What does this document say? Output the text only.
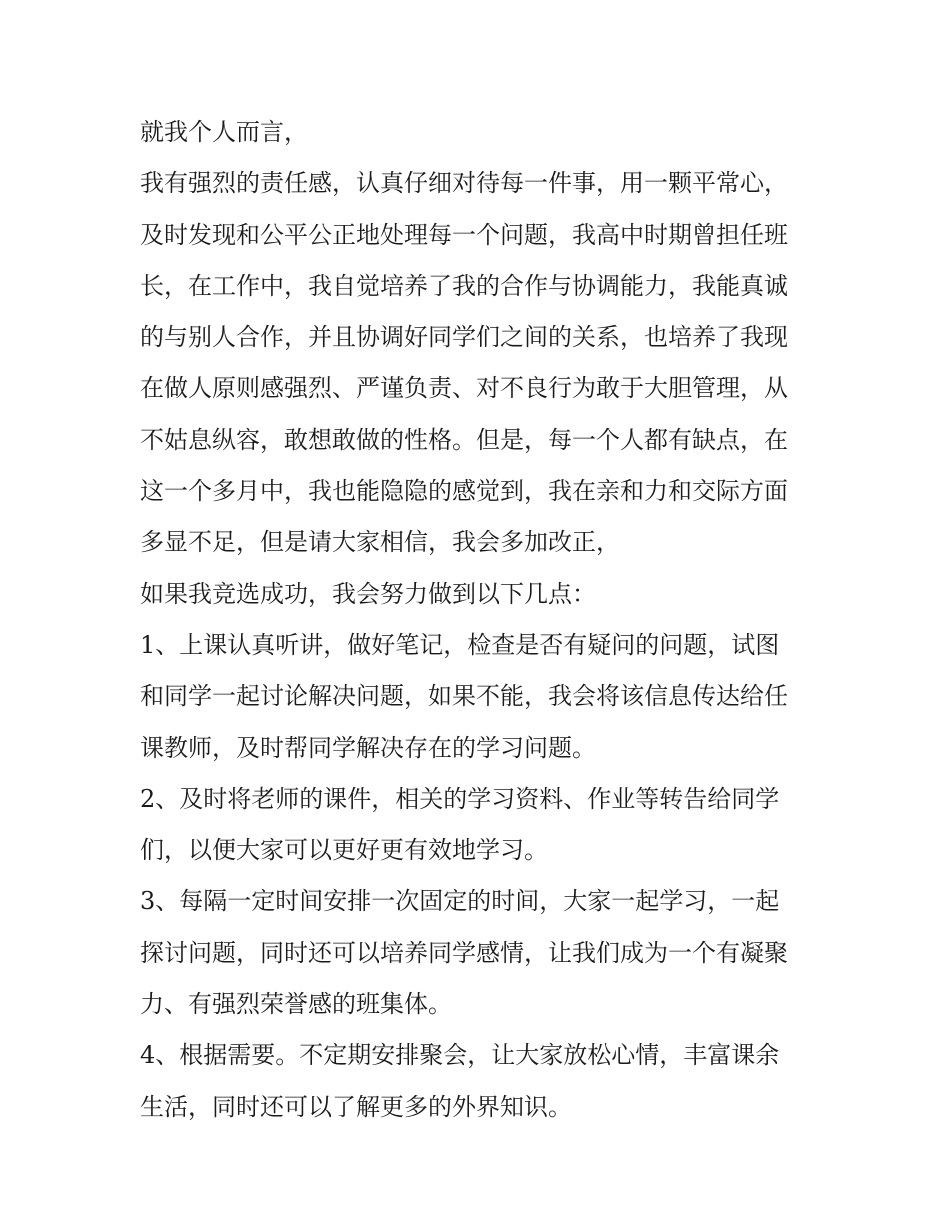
就我个人而言，
我有强烈的责任感，认真仔细对待每一件事，用一颗平常心，
及时发现和公平公正地处理每一个问题，我高中时期曾担任班
长，在工作中，我自觉培养了我的合作与协调能力，我能真诚
的与别人合作，并且协调好同学们之间的关系，也培养了我现
在做人原则感强烈、严谨负责、对不良行为敢于大胆管理，从
不姑息纵容，敢想敢做的性格。但是，每一个人都有缺点，在
这一个多月中，我也能隐隐的感觉到，我在亲和力和交际方面
多显不足，但是请大家相信，我会多加改正，
如果我竞选成功，我会努力做到以下几点：
1、上课认真听讲，做好笔记，检查是否有疑问的问题，试图
和同学一起讨论解决问题，如果不能，我会将该信息传达给任
课教师，及时帮同学解决存在的学习问题。
2、及时将老师的课件，相关的学习资料、作业等转告给同学
们，以便大家可以更好更有效地学习。
3、每隔一定时间安排一次固定的时间，大家一起学习，一起
探讨问题，同时还可以培养同学感情，让我们成为一个有凝聚
力、有强烈荣誉感的班集体。
4、根据需要。不定期安排聚会，让大家放松心情，丰富课余
生活，同时还可以了解更多的外界知识。
